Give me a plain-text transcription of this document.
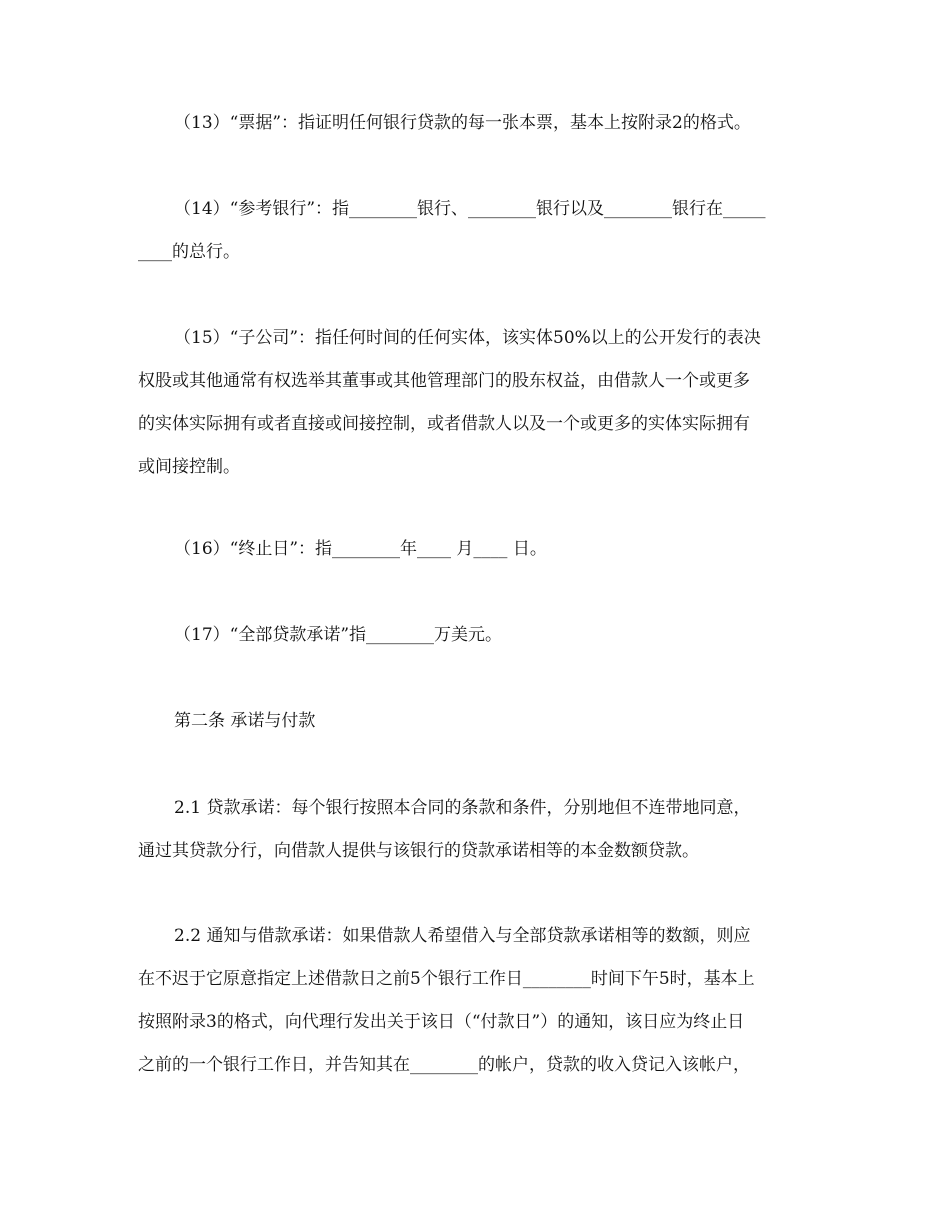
（13）“票据”：指证明任何银行贷款的每一张本票，基本上按附录2的格式。
（14）“参考银行”：指________银行、________银行以及________银行在_____
____的总行。
（15）“子公司”：指任何时间的任何实体，该实体50%以上的公开发行的表决
权股或其他通常有权选举其董事或其他管理部门的股东权益，由借款人一个或更多
的实体实际拥有或者直接或间接控制，或者借款人以及一个或更多的实体实际拥有
或间接控制。
（16）“终止日”：指________年____ 月____ 日。
（17）“全部贷款承诺”指________万美元。
第二条 承诺与付款
2.1 贷款承诺：每个银行按照本合同的条款和条件，分别地但不连带地同意，
通过其贷款分行，向借款人提供与该银行的贷款承诺相等的本金数额贷款。
2.2 通知与借款承诺：如果借款人希望借入与全部贷款承诺相等的数额，则应
在不迟于它原意指定上述借款日之前5个银行工作日________时间下午5时，基本上
按照附录3的格式，向代理行发出关于该日（“付款日”）的通知，该日应为终止日
之前的一个银行工作日，并告知其在________的帐户，贷款的收入贷记入该帐户，
